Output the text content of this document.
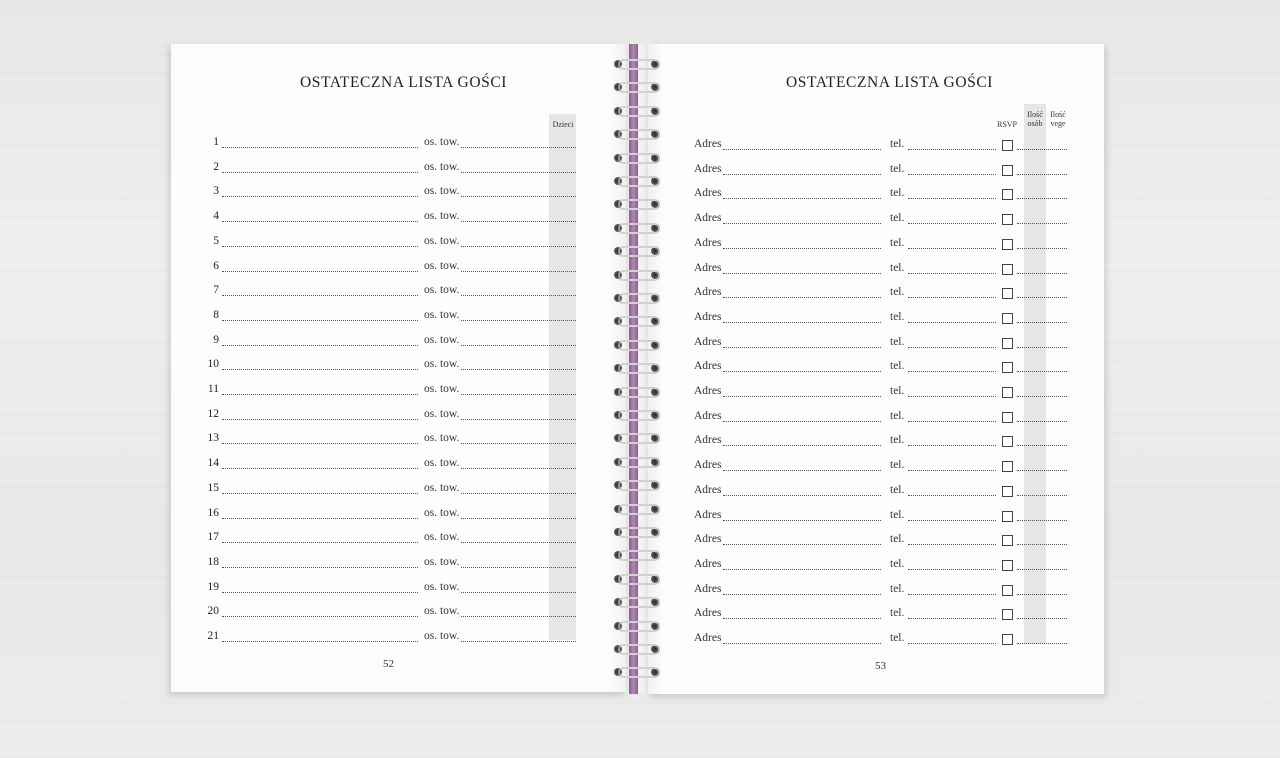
OSTATECZNA LISTA GOŚCI
Dzieci
1	os. tow.
2	os. tow.
3	os. tow.
4	os. tow.
5	os. tow.
6	os. tow.
7	os. tow.
8	os. tow.
9	os. tow.
10	os. tow.
11	os. tow.
12	os. tow.
13	os. tow.
14	os. tow.
15	os. tow.
16	os. tow.
17	os. tow.
18	os. tow.
19	os. tow.
20	os. tow.
21	os. tow.
52
OSTATECZNA LISTA GOŚCI
RSVP
Ilość osób
Ilość vege
Adres	tel.
Adres	tel.
Adres	tel.
Adres	tel.
Adres	tel.
Adres	tel.
Adres	tel.
Adres	tel.
Adres	tel.
Adres	tel.
Adres	tel.
Adres	tel.
Adres	tel.
Adres	tel.
Adres	tel.
Adres	tel.
Adres	tel.
Adres	tel.
Adres	tel.
Adres	tel.
Adres	tel.
53
